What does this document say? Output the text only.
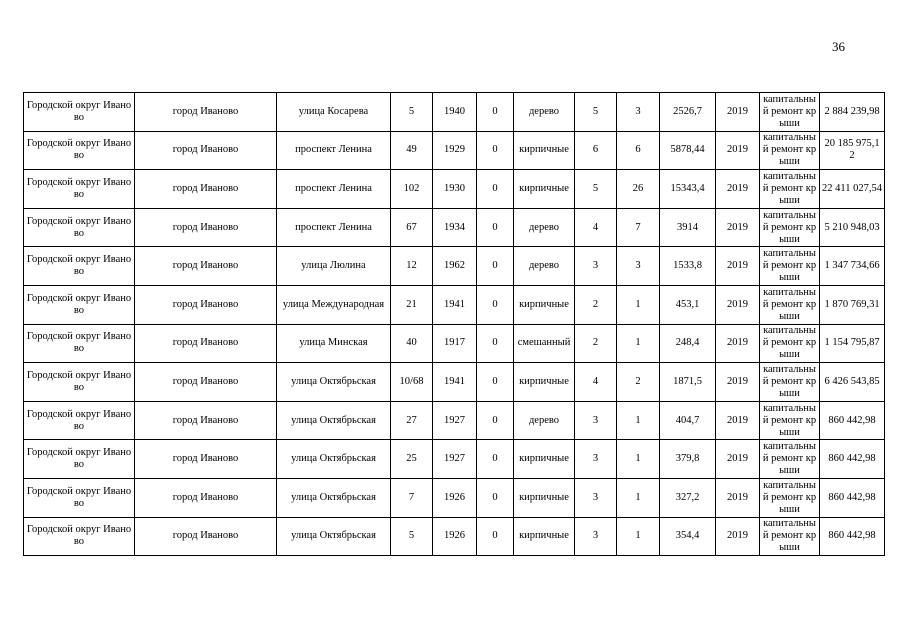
36
Городской округ Иваново	город Иваново	улица Косарева	5	1940	0	дерево	5	3	2526,7	2019	капитальный ремонт крыши	2 884 239,98
Городской округ Иваново	город Иваново	проспект Ленина	49	1929	0	кирпичные	6	6	5878,44	2019	капитальный ремонт крыши	20 185 975,12
Городской округ Иваново	город Иваново	проспект Ленина	102	1930	0	кирпичные	5	26	15343,4	2019	капитальный ремонт крыши	22 411 027,54
Городской округ Иваново	город Иваново	проспект Ленина	67	1934	0	дерево	4	7	3914	2019	капитальный ремонт крыши	5 210 948,03
Городской округ Иваново	город Иваново	улица Люлина	12	1962	0	дерево	3	3	1533,8	2019	капитальный ремонт крыши	1 347 734,66
Городской округ Иваново	город Иваново	улица Международная	21	1941	0	кирпичные	2	1	453,1	2019	капитальный ремонт крыши	1 870 769,31
Городской округ Иваново	город Иваново	улица Минская	40	1917	0	смешанный	2	1	248,4	2019	капитальный ремонт крыши	1 154 795,87
Городской округ Иваново	город Иваново	улица Октябрьская	10/68	1941	0	кирпичные	4	2	1871,5	2019	капитальный ремонт крыши	6 426 543,85
Городской округ Иваново	город Иваново	улица Октябрьская	27	1927	0	дерево	3	1	404,7	2019	капитальный ремонт крыши	860 442,98
Городской округ Иваново	город Иваново	улица Октябрьская	25	1927	0	кирпичные	3	1	379,8	2019	капитальный ремонт крыши	860 442,98
Городской округ Иваново	город Иваново	улица Октябрьская	7	1926	0	кирпичные	3	1	327,2	2019	капитальный ремонт крыши	860 442,98
Городской округ Иваново	город Иваново	улица Октябрьская	5	1926	0	кирпичные	3	1	354,4	2019	капитальный ремонт крыши	860 442,98
